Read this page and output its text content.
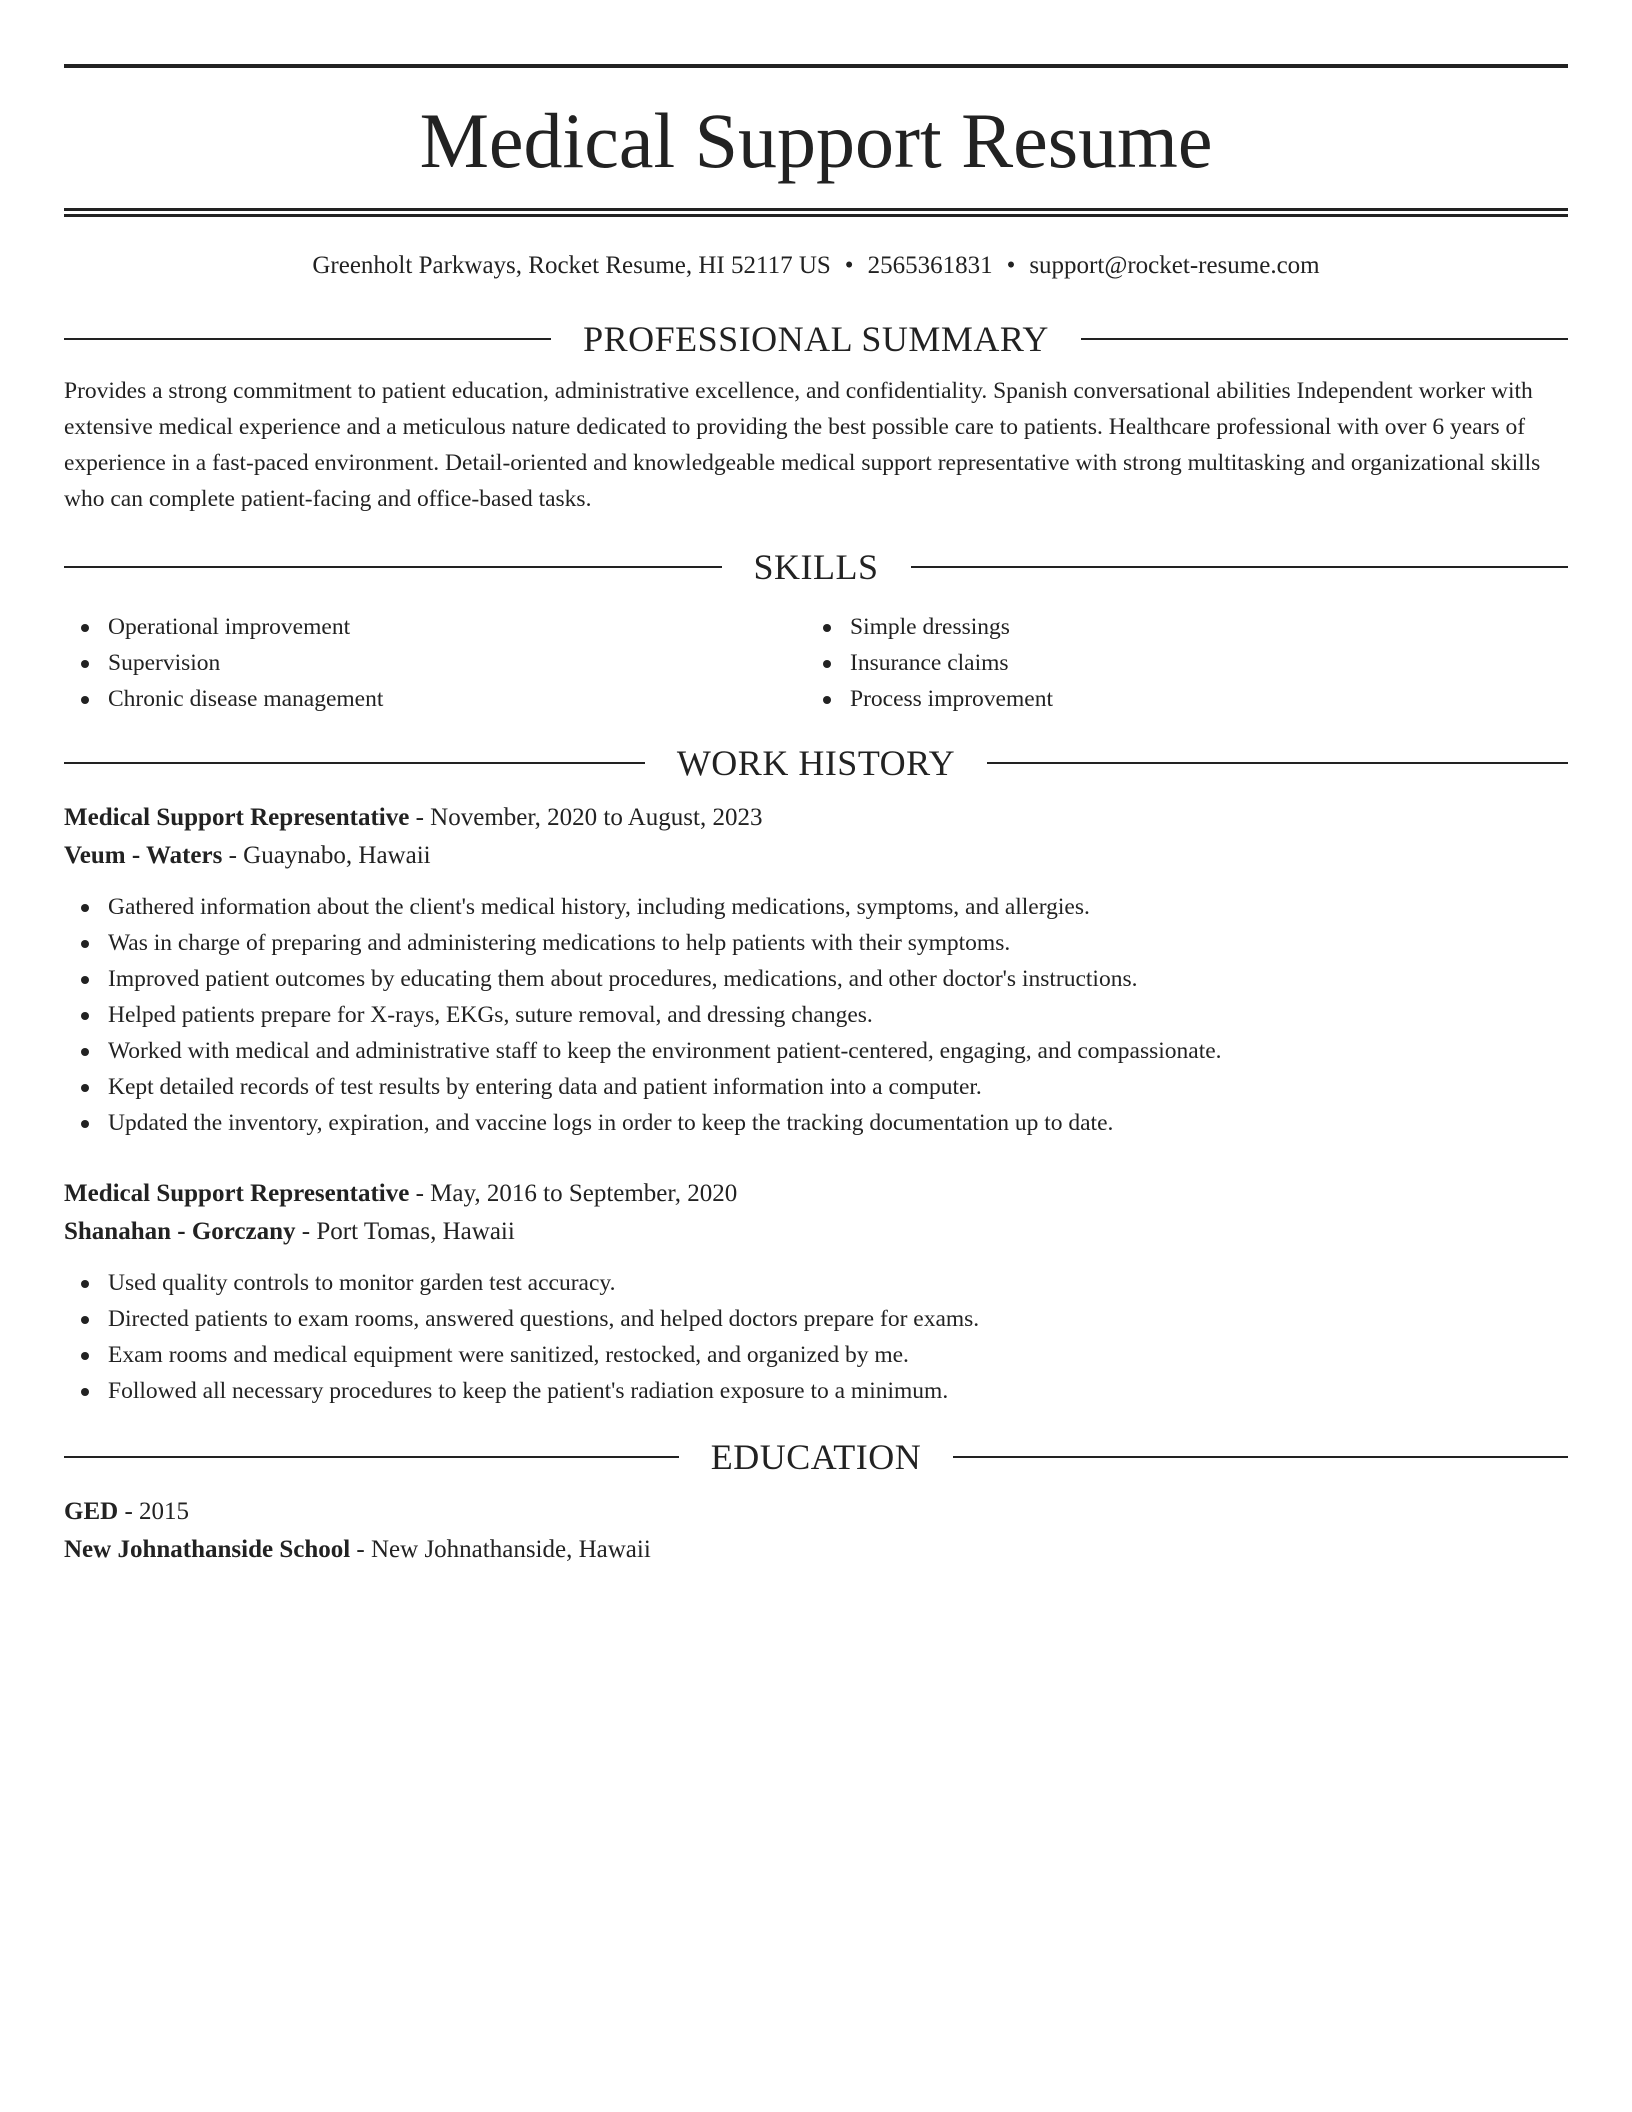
Medical Support Resume
Greenholt Parkways, Rocket Resume, HI 52117 US • 2565361831 • support@rocket-resume.com
PROFESSIONAL SUMMARY
Provides a strong commitment to patient education, administrative excellence, and confidentiality. Spanish conversational abilities Independent worker with extensive medical experience and a meticulous nature dedicated to providing the best possible care to patients. Healthcare professional with over 6 years of experience in a fast-paced environment. Detail-oriented and knowledgeable medical support representative with strong multitasking and organizational skills who can complete patient-facing and office-based tasks.
SKILLS
Operational improvement
Supervision
Chronic disease management
Simple dressings
Insurance claims
Process improvement
WORK HISTORY
Medical Support Representative - November, 2020 to August, 2023
Veum - Waters - Guaynabo, Hawaii
Gathered information about the client's medical history, including medications, symptoms, and allergies.
Was in charge of preparing and administering medications to help patients with their symptoms.
Improved patient outcomes by educating them about procedures, medications, and other doctor's instructions.
Helped patients prepare for X-rays, EKGs, suture removal, and dressing changes.
Worked with medical and administrative staff to keep the environment patient-centered, engaging, and compassionate.
Kept detailed records of test results by entering data and patient information into a computer.
Updated the inventory, expiration, and vaccine logs in order to keep the tracking documentation up to date.
Medical Support Representative - May, 2016 to September, 2020
Shanahan - Gorczany - Port Tomas, Hawaii
Used quality controls to monitor garden test accuracy.
Directed patients to exam rooms, answered questions, and helped doctors prepare for exams.
Exam rooms and medical equipment were sanitized, restocked, and organized by me.
Followed all necessary procedures to keep the patient's radiation exposure to a minimum.
EDUCATION
GED - 2015
New Johnathanside School - New Johnathanside, Hawaii
